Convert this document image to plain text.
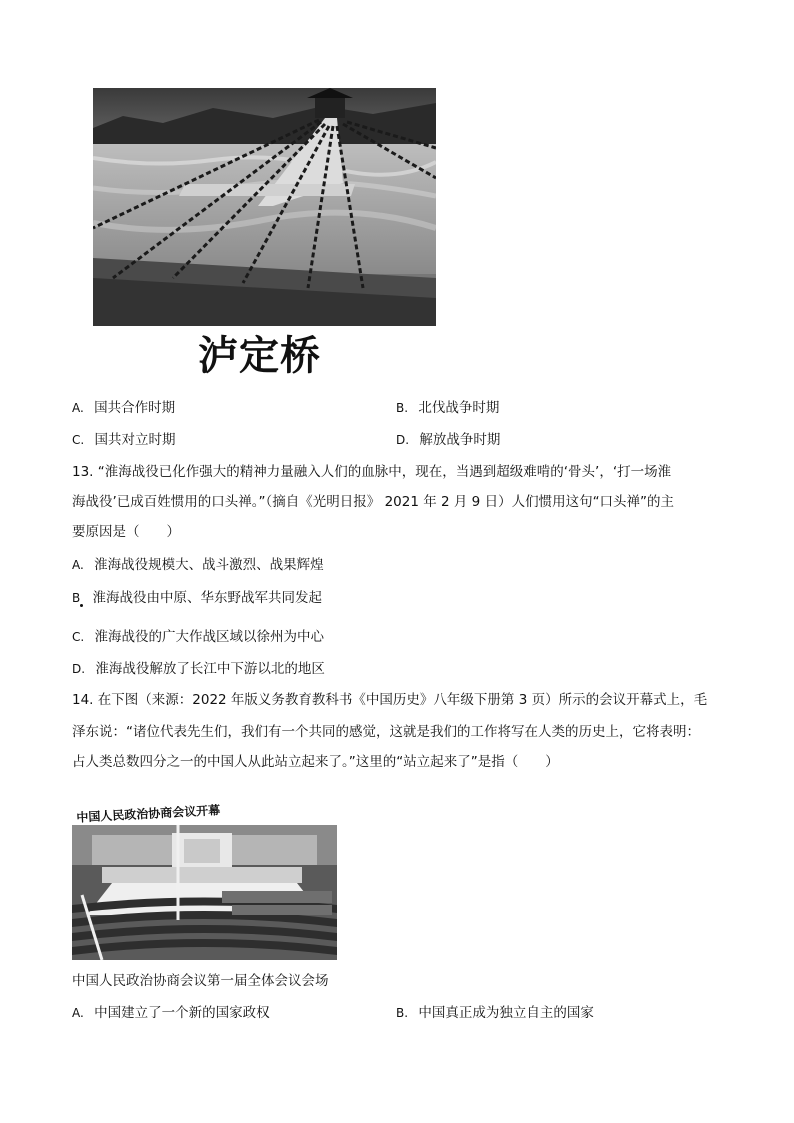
泸定桥
A. 国共合作时期	B. 北伐战争时期
C. 国共对立时期	D. 解放战争时期
13. “淮海战役已化作强大的精神力量融入人们的血脉中，现在，当遇到超级难啃的‘骨头’，‘打一场淮
海战役’已成百姓惯用的口头禅。”（摘自《光明日报》 2021 年 2 月 9 日）人们惯用这句“口头禅”的主
要原因是（　　）
A. 淮海战役规模大、战斗激烈、战果辉煌
B 淮海战役由中原、华东野战军共同发起
C. 淮海战役的广大作战区域以徐州为中心
D. 淮海战役解放了长江中下游以北的地区
14. 在下图（来源：2022 年版义务教育教科书《中国历史》八年级下册第 3 页）所示的会议开幕式上，毛
泽东说：“诸位代表先生们，我们有一个共同的感觉，这就是我们的工作将写在人类的历史上，它将表明：
占人类总数四分之一的中国人从此站立起来了。”这里的“站立起来了”是指（　　）
中国人民政治协商会议开幕
中国人民政治协商会议第一届全体会议会场
A. 中国建立了一个新的国家政权	B. 中国真正成为独立自主的国家
